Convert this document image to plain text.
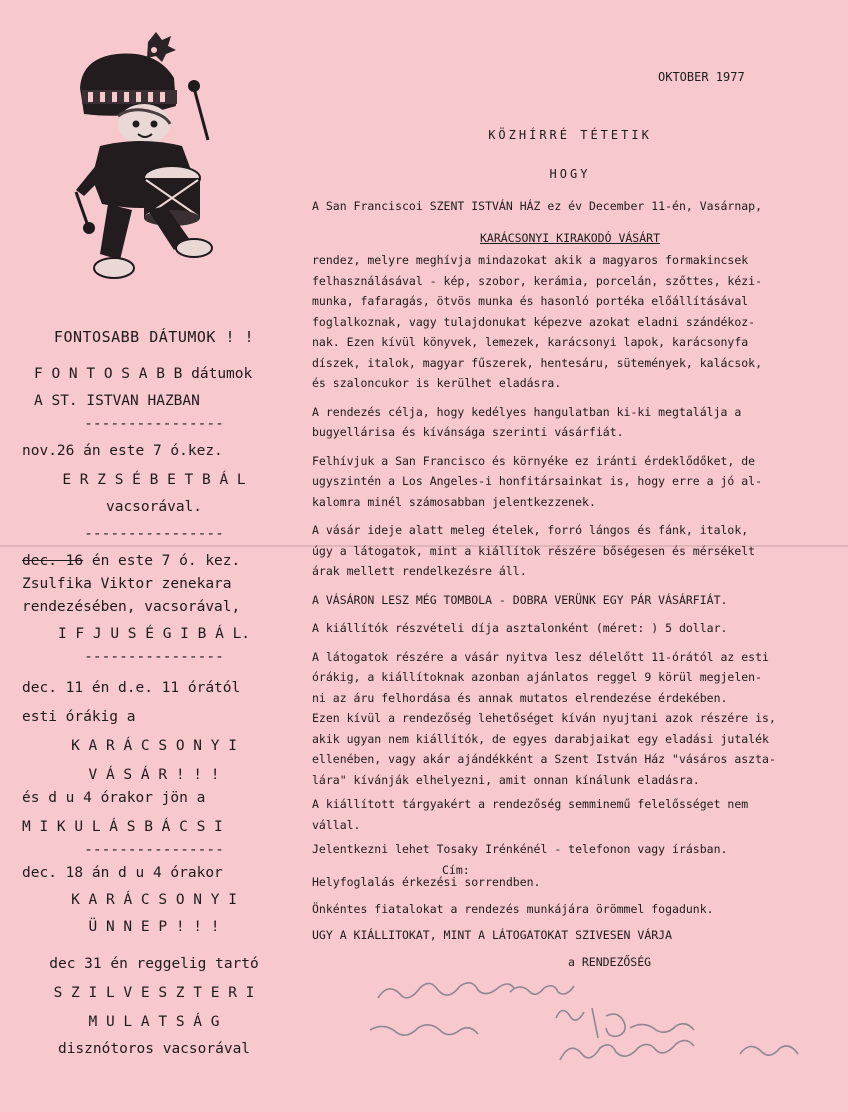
OKTOBER 1977
KÖZHÍRRÉ TÉTETIK
HOGY
A San Franciscoi SZENT ISTVÁN HÁZ ez év December 11-én, Vasárnap,
KARÁCSONYI KIRAKODÓ VÁSÁRT
rendez, melyre meghívja mindazokat akik a magyaros formakincsek
felhasználásával - kép, szobor, kerámia, porcelán, szőttes, kézi-
munka, fafaragás, ötvös munka és hasonló portéka előállításával
foglalkoznak, vagy tulajdonukat képezve azokat eladni szándékoz-
nak. Ezen kívül könyvek, lemezek, karácsonyi lapok, karácsonyfa
díszek, italok, magyar fűszerek, hentesáru, sütemények, kalácsok,
és szaloncukor is kerülhet eladásra.
A rendezés célja, hogy kedélyes hangulatban ki-ki megtalálja a
bugyellárisa és kívánsága szerinti vásárfiát.
Felhívjuk a San Francisco és környéke ez iránti érdeklődőket, de
ugyszintén a Los Angeles-i honfitársainkat is, hogy erre a jó al-
kalomra minél számosabban jelentkezzenek.
A vásár ideje alatt meleg ételek, forró lángos és fánk, italok,
úgy a látogatok, mint a kiállítok részére bőségesen és mérsékelt
árak mellett rendelkezésre áll.
A VÁSÁRON LESZ MÉG TOMBOLA - DOBRA VERÜNK EGY PÁR VÁSÁRFIÁT.
A kiállítók részvételi díja asztalonként (méret: ) 5 dollar.
A látogatok részére a vásár nyitva lesz délelőtt 11-órától az esti
órákig, a kiállítoknak azonban ajánlatos reggel 9 körül megjelen-
ni az áru felhordása és annak mutatos elrendezése érdekében.
Ezen kívül a rendezőség lehetőséget kíván nyujtani azok részére is,
akik ugyan nem kiállítók, de egyes darabjaikat egy eladási jutalék
ellenében, vagy akár ajándékként a Szent István Ház "vásáros aszta-
lára" kívánják elhelyezni, amit onnan kínálunk eladásra.
A kiállított tárgyakért a rendezőség semminemű felelősséget nem
vállal.
Jelentkezni lehet Tosaky Irénkénél - telefonon vagy írásban.
Cím:
Helyfoglalás érkezési sorrendben.
Önkéntes fiatalokat a rendezés munkájára örömmel fogadunk.
UGY A KIÁLLITOKAT, MINT A LÁTOGATOKAT SZIVESEN VÁRJA
a RENDEZŐSÉG
FONTOSABB DÁTUMOK ! !
F O N T O S A B B dátumok
A ST. ISTVAN HAZBAN
----------------
nov.26 án este 7 ó.kez.
E R Z S É B E T B Á L
vacsorával.
----------------
dec. 16 én este 7 ó. kez.
Zsulfika Viktor zenekara
rendezésében, vacsorával,
I F J U S É G I B Á L.
----------------
dec. 11 én d.e. 11 órától
esti órákig a
K A R Á C S O N Y I
V Á S Á R ! ! !
és d u 4 órakor jön a
M I K U L Á S B Á C S I
----------------
dec. 18 án d u 4 órakor
K A R Á C S O N Y I
Ü N N E P ! ! !
dec 31 én reggelig tartó
S Z I L V E S Z T E R I
M U L A T S Á G
disznótoros vacsorával
